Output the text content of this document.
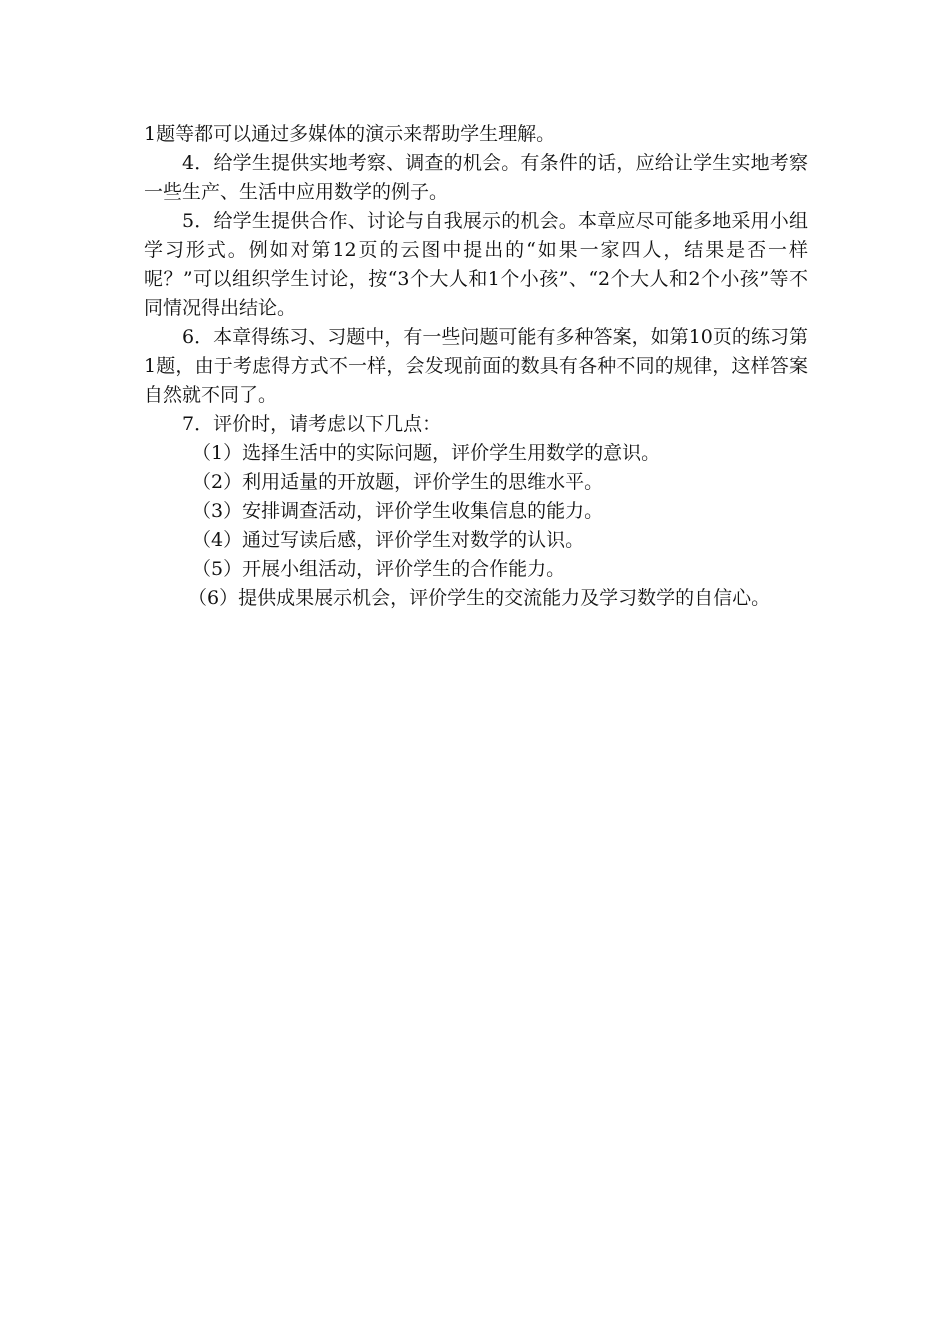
1题等都可以通过多媒体的演示来帮助学生理解。

4．给学生提供实地考察、调查的机会。有条件的话，应给让学生实地考察一些生产、生活中应用数学的例子。

5．给学生提供合作、讨论与自我展示的机会。本章应尽可能多地采用小组学习形式。例如对第12页的云图中提出的“如果一家四人，结果是否一样呢？”可以组织学生讨论，按“3个大人和1个小孩”、“2个大人和2个小孩”等不同情况得出结论。

6．本章得练习、习题中，有一些问题可能有多种答案，如第10页的练习第1题，由于考虑得方式不一样，会发现前面的数具有各种不同的规律，这样答案自然就不同了。

7．评价时，请考虑以下几点：

（1）选择生活中的实际问题，评价学生用数学的意识。

（2）利用适量的开放题，评价学生的思维水平。

（3）安排调查活动，评价学生收集信息的能力。

（4）通过写读后感，评价学生对数学的认识。

（5）开展小组活动，评价学生的合作能力。

（6）提供成果展示机会，评价学生的交流能力及学习数学的自信心。
